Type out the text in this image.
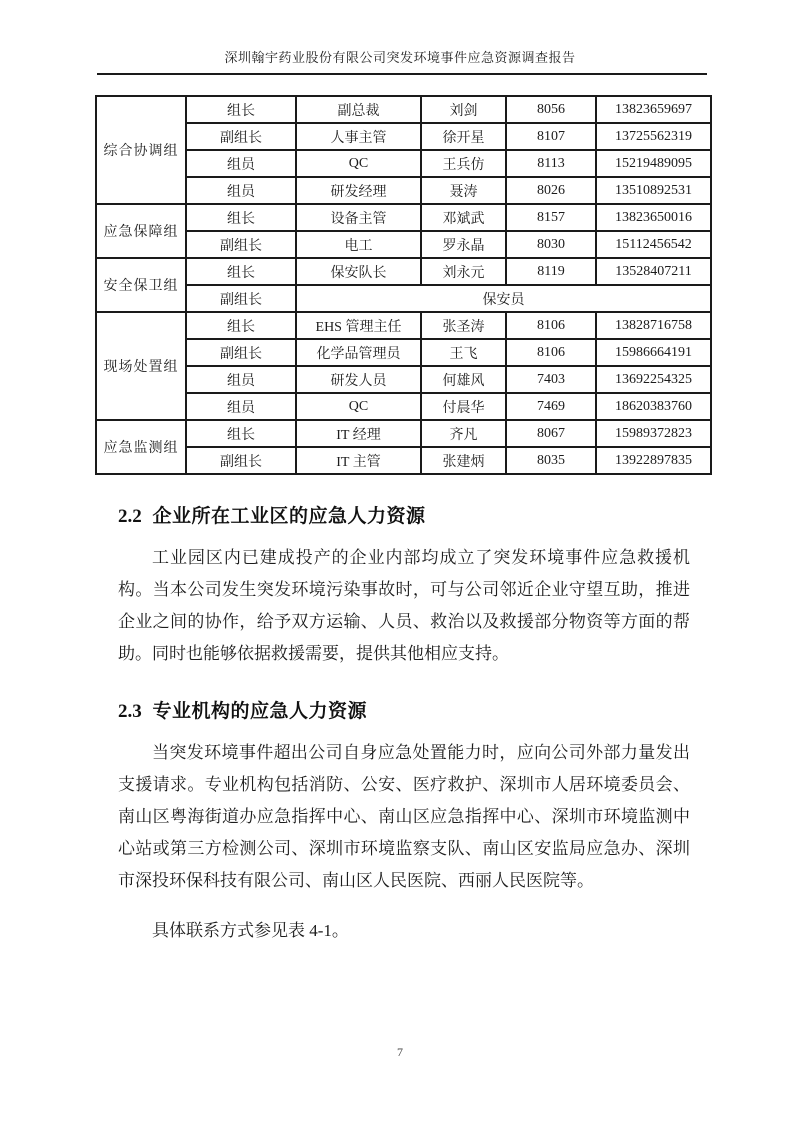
深圳翰宇药业股份有限公司突发环境事件应急资源调查报告
综合协调组	组长	副总裁	刘剑	8056	13823659697
	副组长	人事主管	徐开星	8107	13725562319
	组员	QC	王兵仿	8113	15219489095
	组员	研发经理	聂涛	8026	13510892531
应急保障组	组长	设备主管	邓斌武	8157	13823650016
	副组长	电工	罗永晶	8030	15112456542
安全保卫组	组长	保安队长	刘永元	8119	13528407211
	副组长	保安员			
现场处置组	组长	EHS 管理主任	张圣涛	8106	13828716758
	副组长	化学品管理员	王飞	8106	15986664191
	组员	研发人员	何雄风	7403	13692254325
	组员	QC	付晨华	7469	18620383760
应急监测组	组长	IT 经理	齐凡	8067	15989372823
	副组长	IT 主管	张建炳	8035	13922897835
2.2 企业所在工业区的应急人力资源

工业园区内已建成投产的企业内部均成立了突发环境事件应急救援机构。当本公司发生突发环境污染事故时，可与公司邻近企业守望互助，推进企业之间的协作，给予双方运输、人员、救治以及救援部分物资等方面的帮助。同时也能够依据救援需要，提供其他相应支持。

2.3 专业机构的应急人力资源

当突发环境事件超出公司自身应急处置能力时，应向公司外部力量发出支援请求。专业机构包括消防、公安、医疗救护、深圳市人居环境委员会、南山区粤海街道办应急指挥中心、南山区应急指挥中心、深圳市环境监测中心站或第三方检测公司、深圳市环境监察支队、南山区安监局应急办、深圳市深投环保科技有限公司、南山区人民医院、西丽人民医院等。

具体联系方式参见表 4-1。

7
